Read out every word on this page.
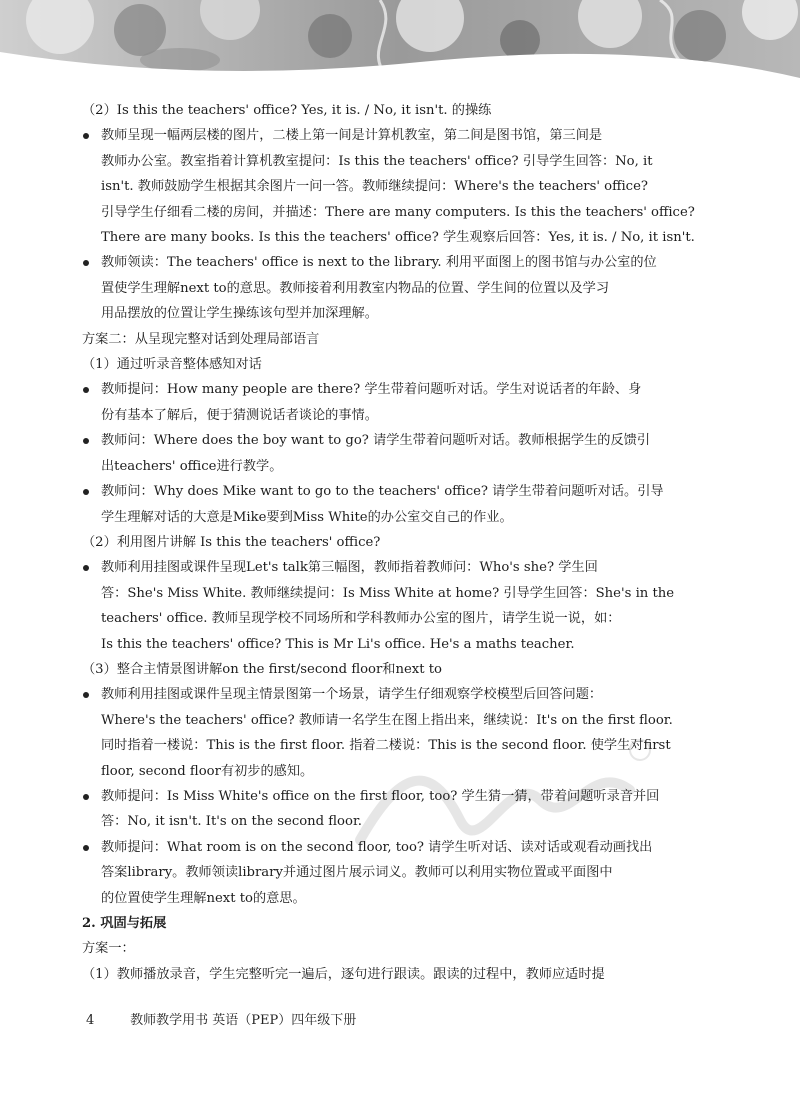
（2）Is this the teachers' office? Yes, it is. / No, it isn't. 的操练
教师呈现一幅两层楼的图片，二楼上第一间是计算机教室，第二间是图书馆，第三间是
教师办公室。教室指着计算机教室提问：Is this the teachers' office? 引导学生回答：No, it
isn't. 教师鼓励学生根据其余图片一问一答。教师继续提问：Where's the teachers' office?
引导学生仔细看二楼的房间，并描述：There are many computers. Is this the teachers' office?
There are many books. Is this the teachers' office? 学生观察后回答：Yes, it is. / No, it isn't.
教师领读：The teachers' office is next to the library. 利用平面图上的图书馆与办公室的位
置使学生理解next to的意思。教师接着利用教室内物品的位置、学生间的位置以及学习
用品摆放的位置让学生操练该句型并加深理解。
方案二：从呈现完整对话到处理局部语言
（1）通过听录音整体感知对话
教师提问：How many people are there? 学生带着问题听对话。学生对说话者的年龄、身
份有基本了解后，便于猜测说话者谈论的事情。
教师问：Where does the boy want to go? 请学生带着问题听对话。教师根据学生的反馈引
出teachers' office进行教学。
教师问：Why does Mike want to go to the teachers' office? 请学生带着问题听对话。引导
学生理解对话的大意是Mike要到Miss White的办公室交自己的作业。
（2）利用图片讲解 Is this the teachers' office?
教师利用挂图或课件呈现Let's talk第三幅图，教师指着教师问：Who's she? 学生回
答：She's Miss White. 教师继续提问：Is Miss White at home? 引导学生回答：She's in the
teachers' office. 教师呈现学校不同场所和学科教师办公室的图片，请学生说一说，如：
Is this the teachers' office? This is Mr Li's office. He's a maths teacher.
（3）整合主情景图讲解on the first/second floor和next to
教师利用挂图或课件呈现主情景图第一个场景，请学生仔细观察学校模型后回答问题：
Where's the teachers' office? 教师请一名学生在图上指出来，继续说：It's on the first floor.
同时指着一楼说：This is the first floor. 指着二楼说：This is the second floor. 使学生对first
floor, second floor有初步的感知。
教师提问：Is Miss White's office on the first floor, too? 学生猜一猜，带着问题听录音并回
答：No, it isn't. It's on the second floor.
教师提问：What room is on the second floor, too? 请学生听对话、读对话或观看动画找出
答案library。教师领读library并通过图片展示词义。教师可以利用实物位置或平面图中
的位置使学生理解next to的意思。
2. 巩固与拓展
方案一：
（1）教师播放录音，学生完整听完一遍后，逐句进行跟读。跟读的过程中，教师应适时提
4	教师教学用书 英语（PEP）四年级下册
